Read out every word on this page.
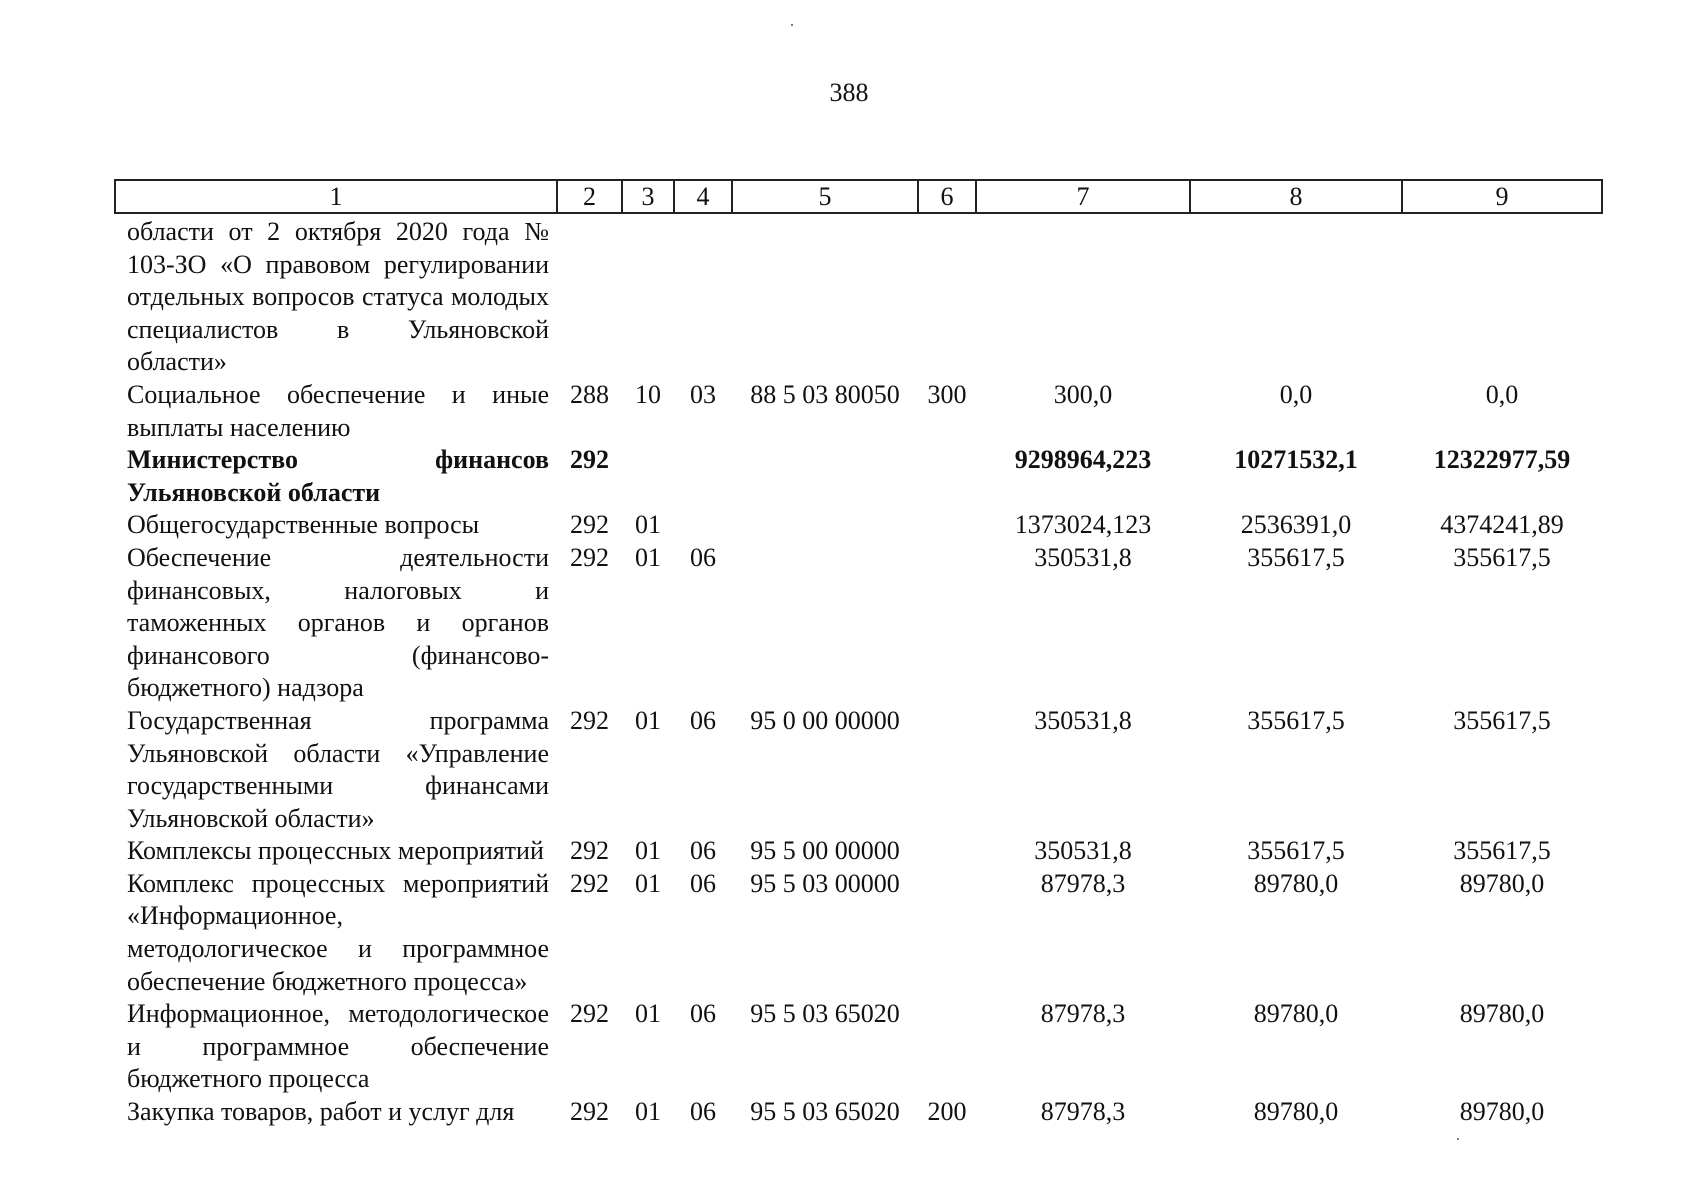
388
1	2	3	4	5	6	7	8	9
области от 2 октября 2020 года № 103-ЗО «О правовом регулировании отдельных вопросов статуса молодых специалистов в Ульяновской области»								
Социальное обеспечение и иные выплаты населению	288	10	03	88 5 03 80050	300	300,0	0,0	0,0
Министерство финансов Ульяновской области	292					9298964,223	10271532,1	12322977,59
Общегосударственные вопросы	292	01				1373024,123	2536391,0	4374241,89
Обеспечение деятельности финансовых, налоговых и таможенных органов и органов финансового (финансово-бюджетного) надзора	292	01	06			350531,8	355617,5	355617,5
Государственная программа Ульяновской области «Управление государственными финансами Ульяновской области»	292	01	06	95 0 00 00000		350531,8	355617,5	355617,5
Комплексы процессных мероприятий	292	01	06	95 5 00 00000		350531,8	355617,5	355617,5
Комплекс процессных мероприятий «Информационное, методологическое и программное обеспечение бюджетного процесса»	292	01	06	95 5 03 00000		87978,3	89780,0	89780,0
Информационное, методологическое и программное обеспечение бюджетного процесса	292	01	06	95 5 03 65020		87978,3	89780,0	89780,0
Закупка товаров, работ и услуг для	292	01	06	95 5 03 65020	200	87978,3	89780,0	89780,0
